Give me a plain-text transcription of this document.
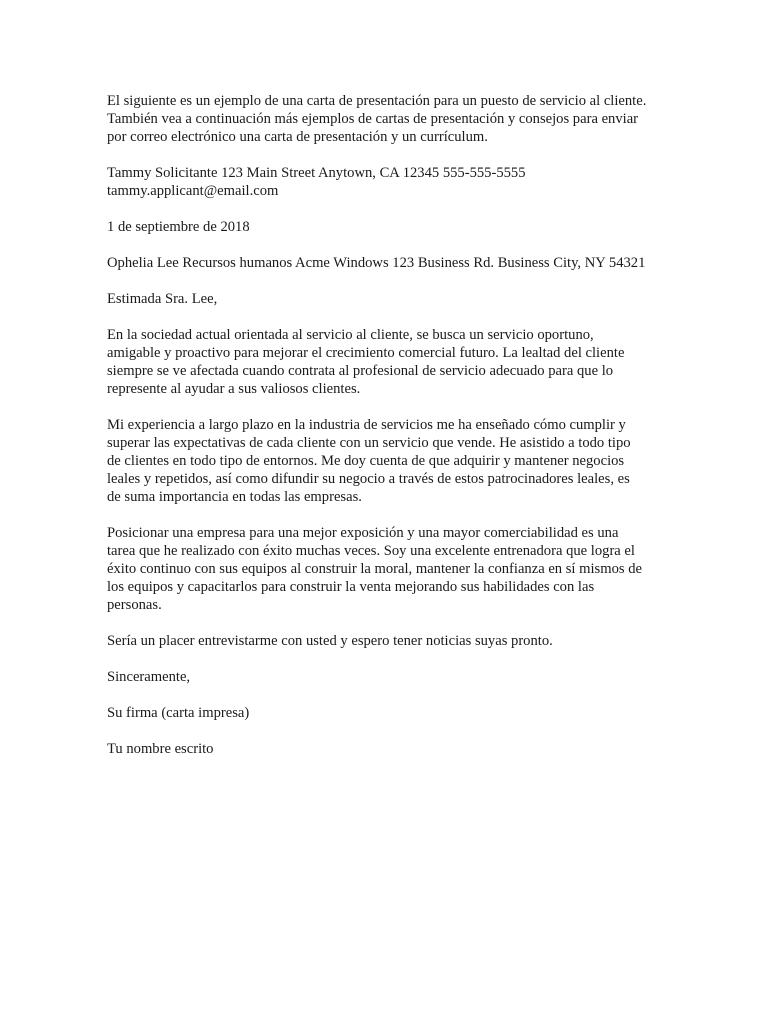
El siguiente es un ejemplo de una carta de presentación para un puesto de servicio al cliente. También vea a continuación más ejemplos de cartas de presentación y consejos para enviar por correo electrónico una carta de presentación y un currículum.

Tammy Solicitante 123 Main Street Anytown, CA 12345 555-555-5555 tammy.applicant@email.com

1 de septiembre de 2018

Ophelia Lee Recursos humanos Acme Windows 123 Business Rd. Business City, NY 54321

Estimada Sra. Lee,

En la sociedad actual orientada al servicio al cliente, se busca un servicio oportuno, amigable y proactivo para mejorar el crecimiento comercial futuro. La lealtad del cliente siempre se ve afectada cuando contrata al profesional de servicio adecuado para que lo represente al ayudar a sus valiosos clientes.

Mi experiencia a largo plazo en la industria de servicios me ha enseñado cómo cumplir y superar las expectativas de cada cliente con un servicio que vende. He asistido a todo tipo de clientes en todo tipo de entornos. Me doy cuenta de que adquirir y mantener negocios leales y repetidos, así como difundir su negocio a través de estos patrocinadores leales, es de suma importancia en todas las empresas.

Posicionar una empresa para una mejor exposición y una mayor comerciabilidad es una tarea que he realizado con éxito muchas veces. Soy una excelente entrenadora que logra el éxito continuo con sus equipos al construir la moral, mantener la confianza en sí mismos de los equipos y capacitarlos para construir la venta mejorando sus habilidades con las personas.

Sería un placer entrevistarme con usted y espero tener noticias suyas pronto.

Sinceramente,

Su firma (carta impresa)

Tu nombre escrito
